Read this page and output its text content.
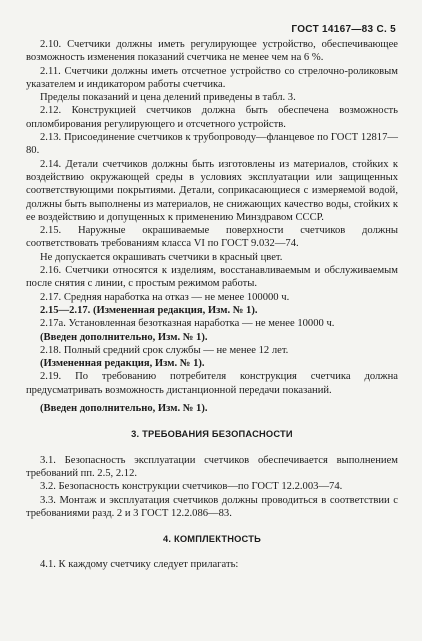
ГОСТ 14167—83 С. 5

2.10. Счетчики должны иметь регулирующее устройство, обеспечивающее возможность изменения показаний счетчика не менее чем на 6 %.

2.11. Счетчики должны иметь отсчетное устройство со стрелочно-роликовым указателем и индикатором работы счетчика.

Пределы показаний и цена делений приведены в табл. 3.

2.12. Конструкцией счетчиков должна быть обеспечена возможность опломбирования регулирующего и отсчетного устройств.

2.13. Присоединение счетчиков к трубопроводу—фланцевое по ГОСТ 12817—80.

2.14. Детали счетчиков должны быть изготовлены из материалов, стойких к воздействию окружающей среды в условиях эксплуатации или защищенных соответствующими покрытиями. Детали, соприкасающиеся с измеряемой водой, должны быть выполнены из материалов, не снижающих качество воды, стойких к ее воздействию и допущенных к применению Минздравом СССР.

2.15. Наружные окрашиваемые поверхности счетчиков должны соответствовать требованиям класса VI по ГОСТ 9.032—74.

Не допускается окрашивать счетчики в красный цвет.

2.16. Счетчики относятся к изделиям, восстанавливаемым и обслуживаемым после снятия с линии, с простым режимом работы.

2.17. Средняя наработка на отказ — не менее 100000 ч.

2.15—2.17. (Измененная редакция, Изм. № 1).

2.17а. Установленная безотказная наработка — не менее 10000 ч.

(Введен дополнительно, Изм. № 1).

2.18. Полный средний срок службы — не менее 12 лет.

(Измененная редакция, Изм. № 1).

2.19. По требованию потребителя конструкция счетчика должна предусматривать возможность дистанционной передачи показаний.

(Введен дополнительно, Изм. № 1).

3. ТРЕБОВАНИЯ БЕЗОПАСНОСТИ

3.1. Безопасность эксплуатации счетчиков обеспечивается выполнением требований пп. 2.5, 2.12.

3.2. Безопасность конструкции счетчиков—по ГОСТ 12.2.003—74.

3.3. Монтаж и эксплуатация счетчиков должны проводиться в соответствии с требованиями разд. 2 и 3 ГОСТ 12.2.086—83.

4. КОМПЛЕКТНОСТЬ

4.1. К каждому счетчику следует прилагать:
